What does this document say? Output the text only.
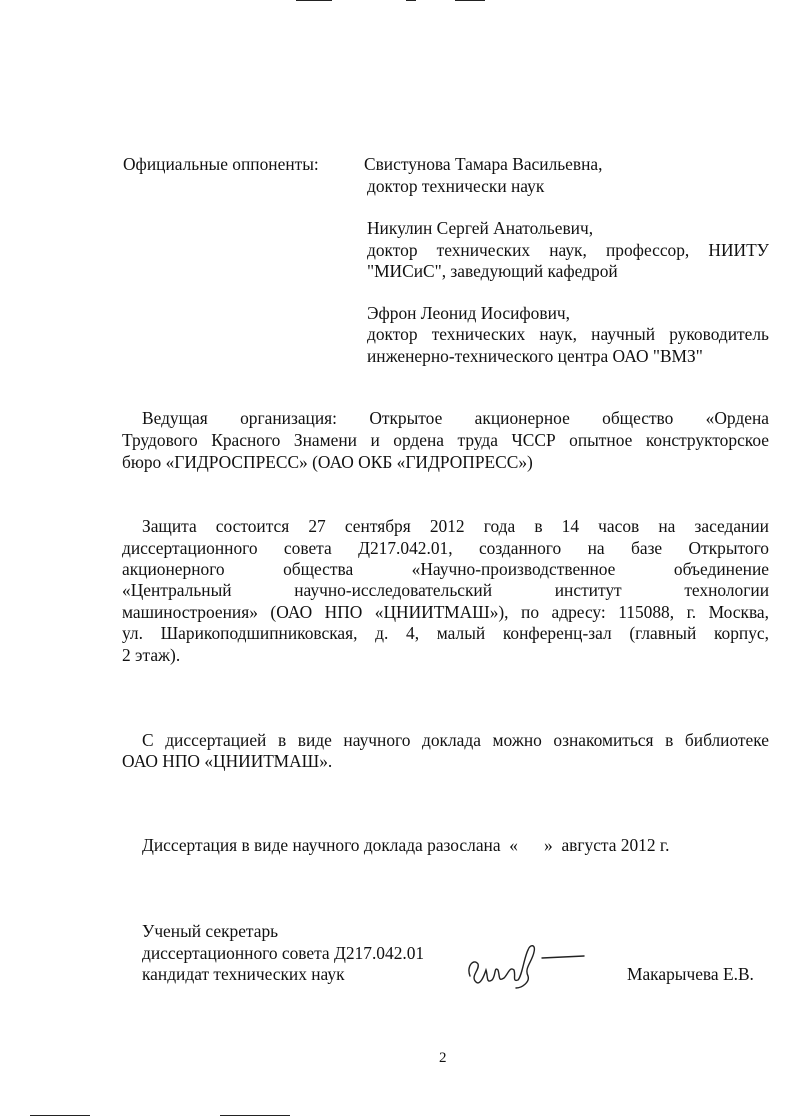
Официальные оппоненты:	Свистунова Тамара Васильевна,
доктор технически наук
Никулин Сергей Анатольевич,
доктор технических наук, профессор, НИИТУ
"МИСиС", заведующий кафедрой
Эфрон Леонид Иосифович,
доктор технических наук, научный руководитель
инженерно-технического центра ОАО "ВМЗ"
Ведущая организация: Открытое акционерное общество «Ордена
Трудового Красного Знамени и ордена труда ЧССР опытное конструкторское
бюро «ГИДРОСПРЕСС» (ОАО ОКБ «ГИДРОПРЕСС»)
Защита состоится 27 сентября 2012 года в 14 часов на заседании
диссертационного совета Д217.042.01, созданного на базе Открытого
акционерного общества «Научно-производственное объединение
«Центральный научно-исследовательский институт технологии
машиностроения» (ОАО НПО «ЦНИИТМАШ»), по адресу: 115088, г. Москва,
ул. Шарикоподшипниковская, д. 4, малый конференц-зал (главный корпус,
2 этаж).
С диссертацией в виде научного доклада можно ознакомиться в библиотеке
ОАО НПО «ЦНИИТМАШ».
Диссертация в виде научного доклада разослана  «      »  августа 2012 г.
Ученый секретарь
диссертационного совета Д217.042.01
кандидат технических наук	Макарычева Е.В.
2
